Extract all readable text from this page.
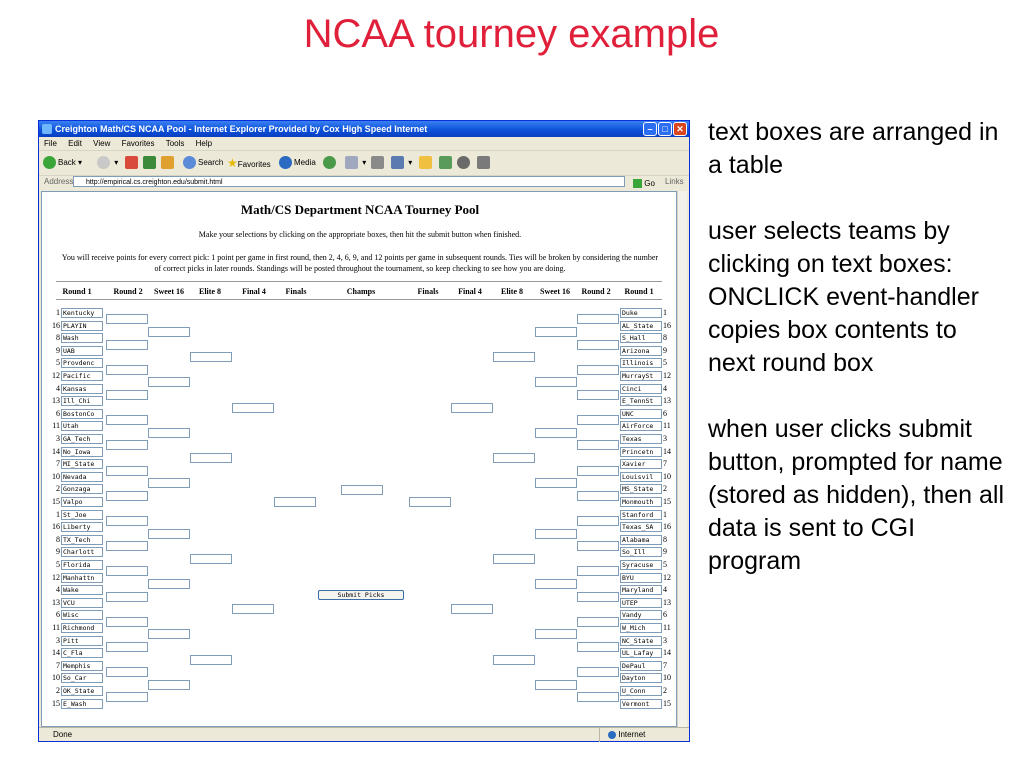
NCAA tourney example
Creighton Math/CS NCAA Pool - Internet Explorer Provided by Cox High Speed Internet	–	□ ✕
File Edit View Favorites Tools Help
Back ▾	▾	Search ★Favorites	Media	▾	▾
Address	http://empirical.cs.creighton.edu/submit.html	Go Links
Math/CS Department NCAA Tourney Pool
Make your selections by clicking on the appropriate boxes, then hit the submit button when finished.
You will receive points for every correct pick: 1 point per game in first round, then 2, 4, 6, 9, and 12 points per game in subsequent rounds. Ties will be broken by considering the number of correct picks in later rounds. Standings will be posted throughout the tournament, so keep checking to see how you are doing.
Submit Picks
Round 1	Round 2	Sweet 16	Elite 8	Final 4	Finals	Champs	Finals	Final 4	Elite 8	Sweet 16	Round 2	Round 1
1 Kentucky
16 PLAYIN
8 Wash
9 UAB
5 Provdenc
12 Pacific
4 Kansas
13 Ill_Chi
6 BostonCo
11 Utah
3 GA_Tech
14 No_Iowa
7 MI_State
10 Nevada
2 Gonzaga
15 Valpo
1 St_Joe
16 Liberty
8 TX_Tech
9 Charlott
5 Florida
12 Manhattn
4 Wake
13 VCU
6 Wisc
11 Richmond
3 Pitt
14 C_Fla
7 Memphis
10 So_Car
2 OK_State
15 E_Wash
Duke	1
AL_State	16
S_Hall	8
Arizona	9
Illinois	5
MurraySt	12
Cinci	4
E_TennSt	13
UNC	6
AirForce	11
Texas	3
Princetn	14
Xavier	7
Louisvil	10
MS_State	2
Monmouth	15
Stanford	1
Texas_SA	16
Alabama	8
So_Ill	9
Syracuse	5
BYU	12
Maryland	4
UTEP	13
Vandy	6
W_Mich	11
NC_State	3
UL_Lafay	14
DePaul	7
Dayton	10
U_Conn	2
Vermont	15
Done	Internet

text boxes are arranged in a table

user selects teams by clicking on text boxes: ONCLICK event-handler copies box contents to next round box

when user clicks submit button, prompted for name (stored as hidden), then all data is sent to CGI program
